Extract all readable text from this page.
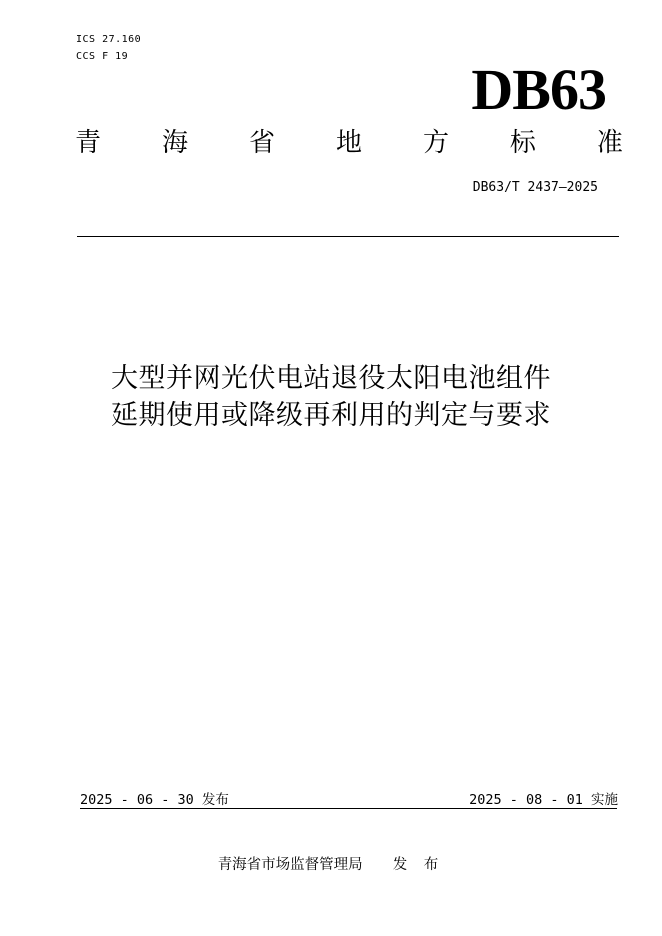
ICS 27.160
CCS F 19
DB63
青 海 省 地 方 标 准
DB63/T 2437—2025
大型并网光伏电站退役太阳电池组件
延期使用或降级再利用的判定与要求
2025 - 06 - 30 发布	2025 - 08 - 01 实施
青海省市场监督管理局 发 布
